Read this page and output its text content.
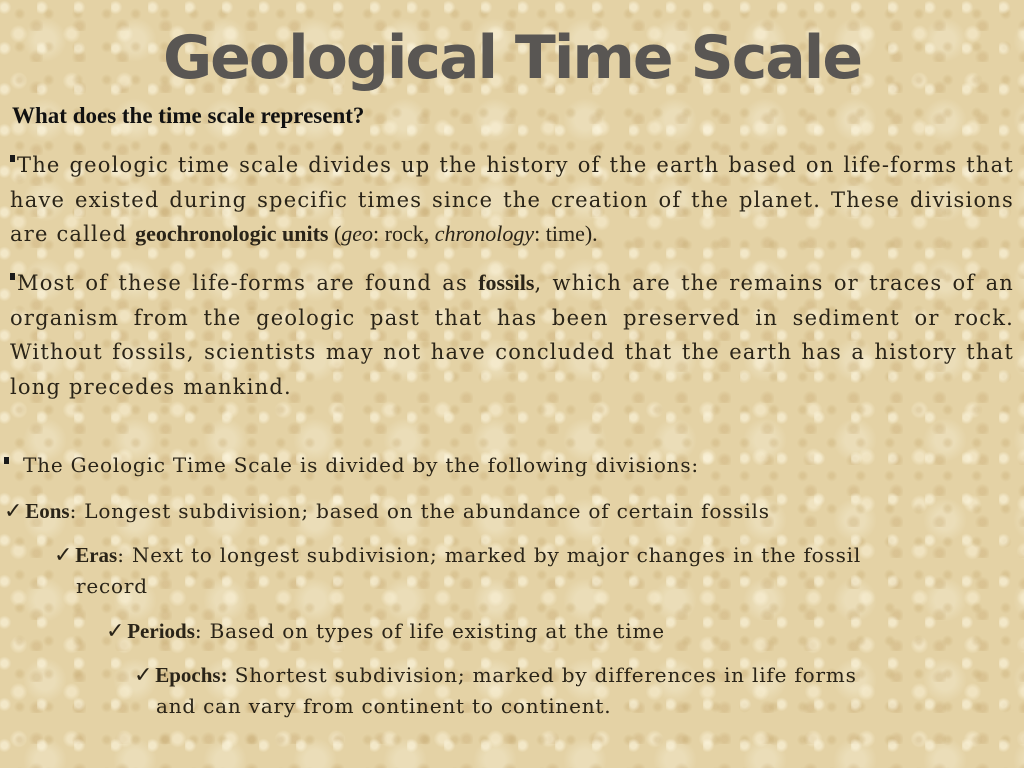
Geological Time Scale
What does the time scale represent?
The geologic time scale divides up the history of the earth based on life-forms that have existed during specific times since the creation of the planet. These divisions are called geochronologic units (geo: rock, chronology: time).
Most of these life-forms are found as fossils, which are the remains or traces of an organism from the geologic past that has been preserved in sediment or rock. Without fossils, scientists may not have concluded that the earth has a history that long precedes mankind.
The Geologic Time Scale is divided by the following divisions:
✓Eons: Longest subdivision; based on the abundance of certain fossils
✓Eras: Next to longest subdivision; marked by major changes in the fossil
record
✓Periods: Based on types of life existing at the time
✓Epochs: Shortest subdivision; marked by differences in life forms
and can vary from continent to continent.
